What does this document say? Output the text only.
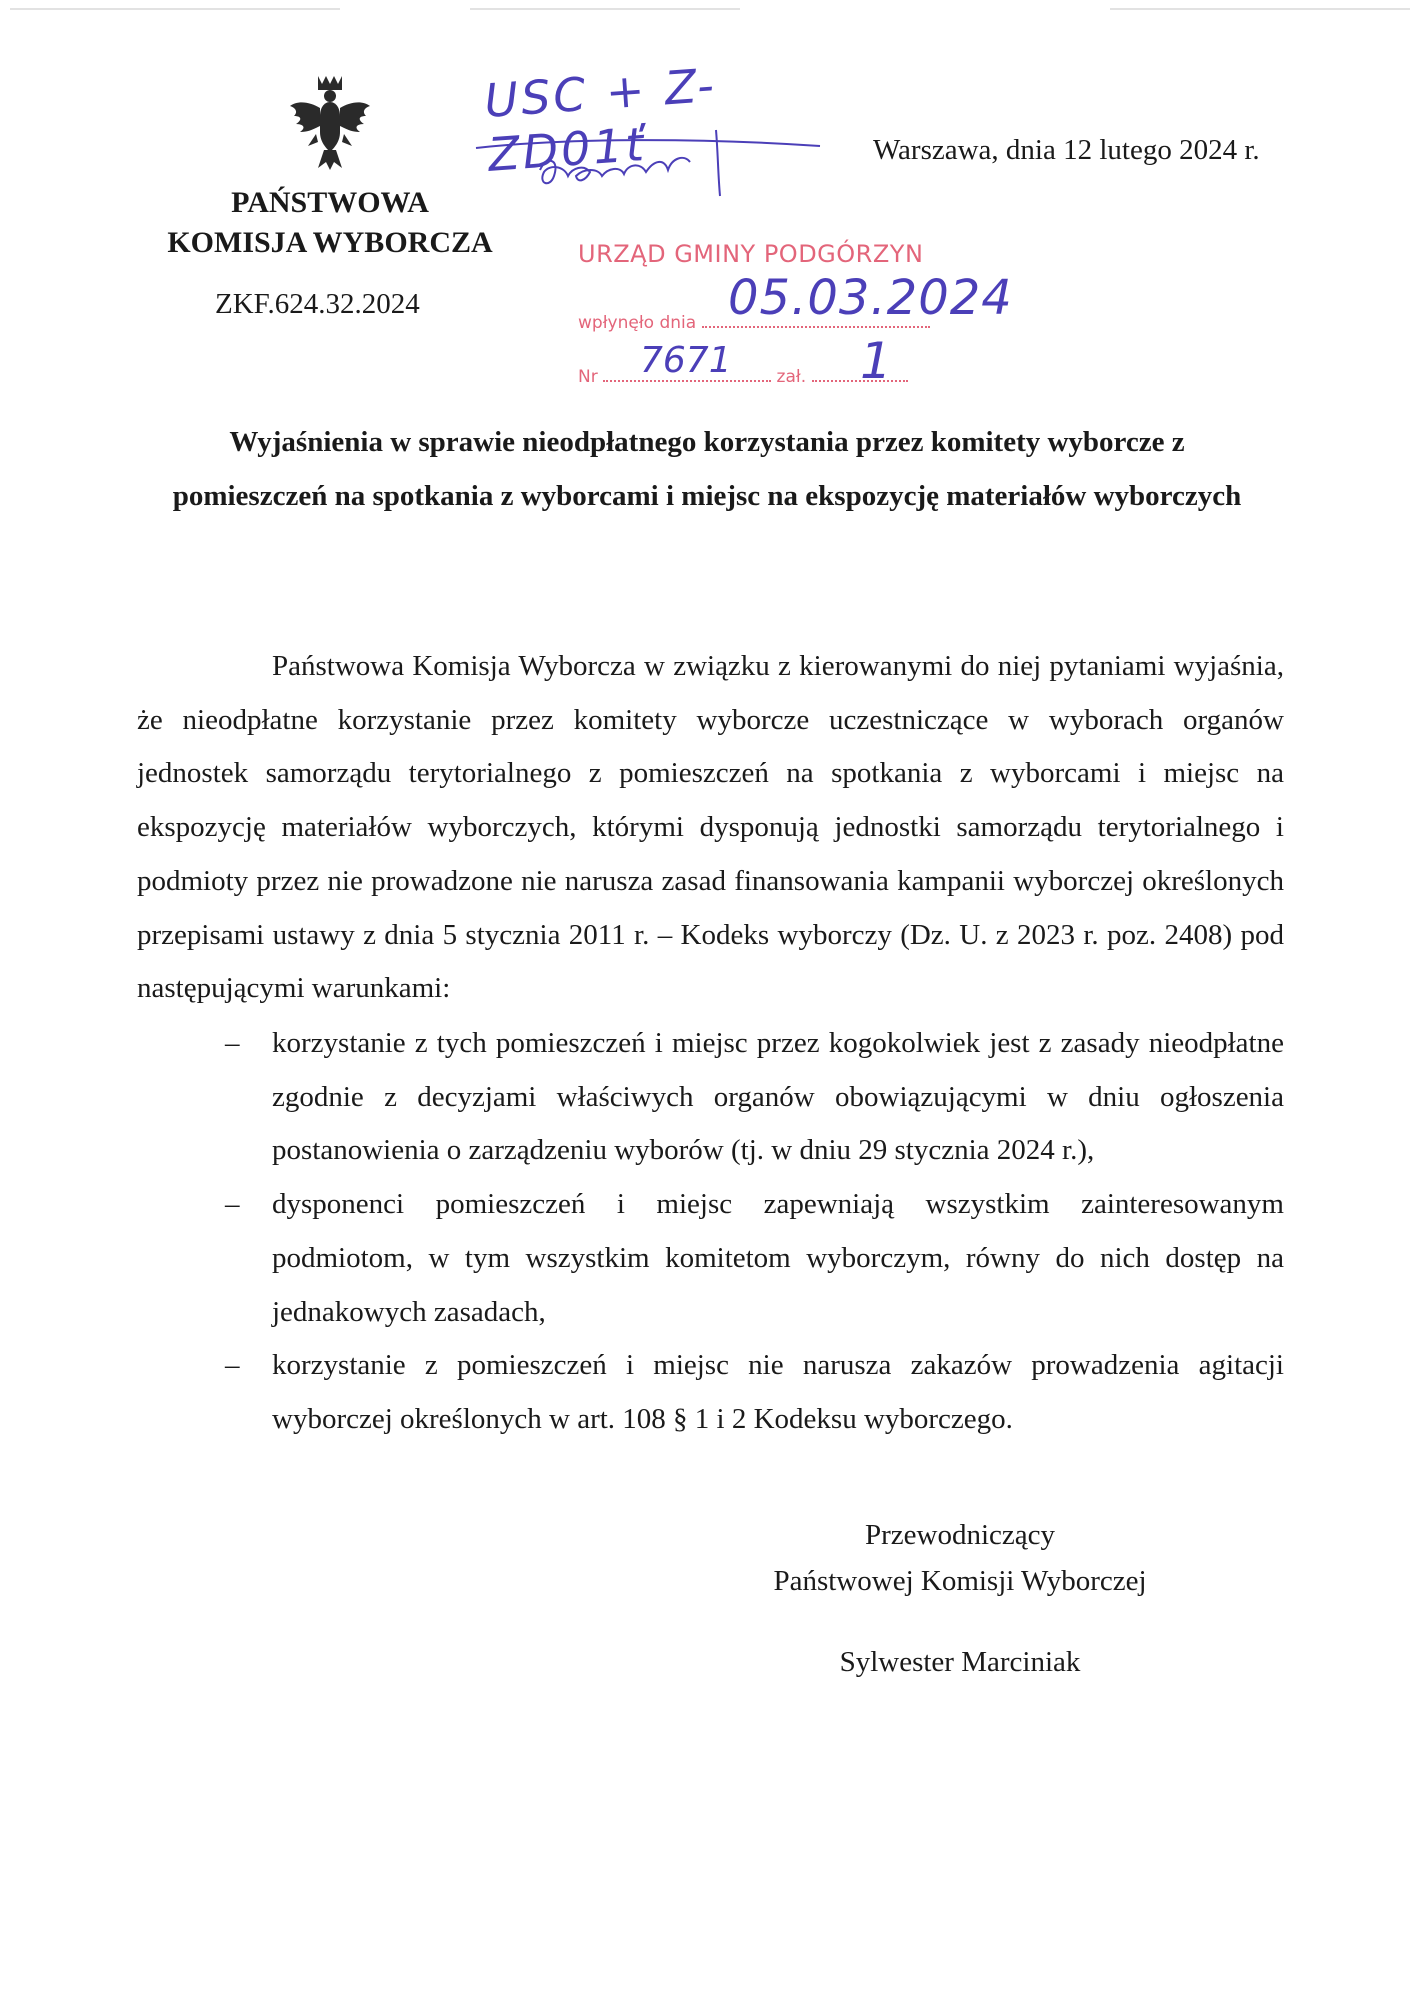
PAŃSTWOWA
KOMISJA WYBORCZA
ZKF.624.32.2024
Warszawa, dnia 12 lutego 2024 r.
USC + Z-ZD01ť
URZĄD GMINY PODGÓRZYN
wpłynęło dnia
Nr	zał.
05.03.2024
7671	1
Wyjaśnienia w sprawie nieodpłatnego korzystania przez komitety wyborcze z pomieszczeń na spotkania z wyborcami i miejsc na ekspozycję materiałów wyborczych

Państwowa Komisja Wyborcza w związku z kierowanymi do niej pytaniami wyjaśnia, że nieodpłatne korzystanie przez komitety wyborcze uczestniczące w wyborach organów jednostek samorządu terytorialnego z pomieszczeń na spotkania z wyborcami i miejsc na ekspozycję materiałów wyborczych, którymi dysponują jednostki samorządu terytorialnego i podmioty przez nie prowadzone nie narusza zasad finansowania kampanii wyborczej określonych przepisami ustawy z dnia 5 stycznia 2011 r. – Kodeks wyborczy (Dz. U. z 2023 r. poz. 2408) pod następującymi warunkami:

– korzystanie z tych pomieszczeń i miejsc przez kogokolwiek jest z zasady nieodpłatne zgodnie z decyzjami właściwych organów obowiązującymi w dniu ogłoszenia postanowienia o zarządzeniu wyborów (tj. w dniu 29 stycznia 2024 r.),
– dysponenci pomieszczeń i miejsc zapewniają wszystkim zainteresowanym podmiotom, w tym wszystkim komitetom wyborczym, równy do nich dostęp na jednakowych zasadach,
– korzystanie z pomieszczeń i miejsc nie narusza zakazów prowadzenia agitacji wyborczej określonych w art. 108 § 1 i 2 Kodeksu wyborczego.
Przewodniczący
Państwowej Komisji Wyborczej
Sylwester Marciniak
